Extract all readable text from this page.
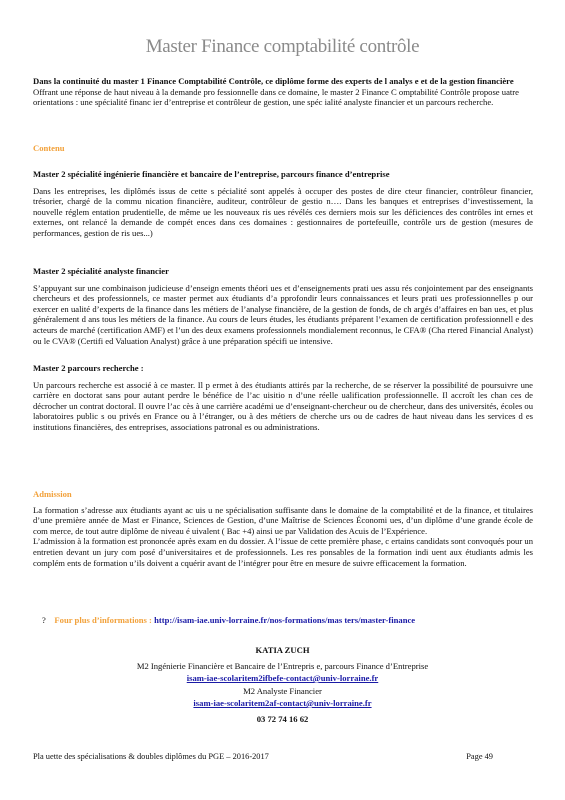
Master Finance comptabilité contrôle

Dans la continuité du master 1 Finance Comptabilité Contrôle, ce diplôme forme des experts de l analys e et de la gestion financière

Offrant une réponse de haut niveau à la demande pro fessionnelle dans ce domaine, le master 2 Finance C omptabilité Contrôle propose uatre orientations : une spécialité financ ier d’entreprise et contrôleur de gestion, une spéc ialité analyste financier et un parcours recherche.

Contenu

Master 2 spécialité ingénierie financière et bancaire de l’entreprise, parcours finance d’entreprise

Dans les entreprises, les diplômés issus de cette s pécialité sont appelés à occuper des postes de dire cteur financier, contrôleur financier, trésorier, chargé de la commu nication financière, auditeur, contrôleur de gestio n…. Dans les banques et entreprises d’investissement, la nouvelle réglem entation prudentielle, de même ue les nouveaux ris ues révélés ces derniers mois sur les déficiences des contrôles int ernes et externes, ont relancé la demande de compét ences dans ces domaines : gestionnaires de portefeuille, contrôle urs de gestion (mesures de performances, gestion de ris ues...)

Master 2 spécialité analyste financier

S’appuyant sur une combinaison judicieuse d’enseign ements théori ues et d’enseignements prati ues assu rés conjointement par des enseignants chercheurs et des professionnels, ce master permet aux étudiants d’a pprofondir leurs connaissances et leurs prati ues professionnelles p our exercer en ualité d’experts de la finance dans les métiers de l’analyse financière, de la gestion de fonds, de ch argés d’affaires en ban ues, et plus généralement d ans tous les métiers de la finance. Au cours de leurs études, les étudiants préparent l’examen de certification professionnell e des acteurs de marché (certification AMF) et l’un des deux examens professionnels mondialement reconnus, le CFA® (Cha rtered Financial Analyst) ou le CVA® (Certifi ed Valuation Analyst) grâce à une préparation spécifi ue intensive.

Master 2 parcours recherche :

Un parcours recherche est associé à ce master. Il p ermet à des étudiants attirés par la recherche, de se réserver la possibilité de poursuivre une carrière en doctorat sans pour autant perdre le bénéfice de l’ac uisitio n d’une réelle ualification professionnelle. Il accroît les chan ces de décrocher un contrat doctoral. Il ouvre l’ac cès à une carrière académi ue d’enseignant-chercheur ou de chercheur, dans des universités, écoles ou laboratoires public s ou privés en France ou à l’étranger, ou à des métiers de cherche urs ou de cadres de haut niveau dans les services d es institutions financières, des entreprises, associations patronal es ou administrations.

Admission

La formation s’adresse aux étudiants ayant ac uis u ne spécialisation suffisante dans le domaine de la comptabilité et de la finance, et titulaires d’une première année de Mast er Finance, Sciences de Gestion, d’une Maîtrise de Sciences Économi ues, d’un diplôme d’une grande école de com merce, de tout autre diplôme de niveau é uivalent ( Bac +4) ainsi ue par Validation des Acuis de l’Expérience.

L’admission à la formation est prononcée après exam en du dossier. A l’issue de cette première phase, c ertains candidats sont convoqués pour un entretien devant un jury com posé d’universitaires et de professionnels. Les res ponsables de la formation indi uent aux étudiants admis les complém ents de formation u’ils doivent a cquérir avant de l’intégrer pour être en mesure de suivre efficacement la formation.

? Four plus d’informations : http://isam-iae.univ-lorraine.fr/nos-formations/mas ters/master-finance
KATIA ZUCH
M2 Ingénierie Financière et Bancaire de l’Entrepris e, parcours Finance d’Entreprise
isam-iae-scolaritem2ifbefe-contact@univ-lorraine.fr
M2 Analyste Financier
isam-iae-scolaritem2af-contact@univ-lorraine.fr
03 72 74 16 62
Pla uette des spécialisations & doubles diplômes du PGE – 2016-2017	Page 49
